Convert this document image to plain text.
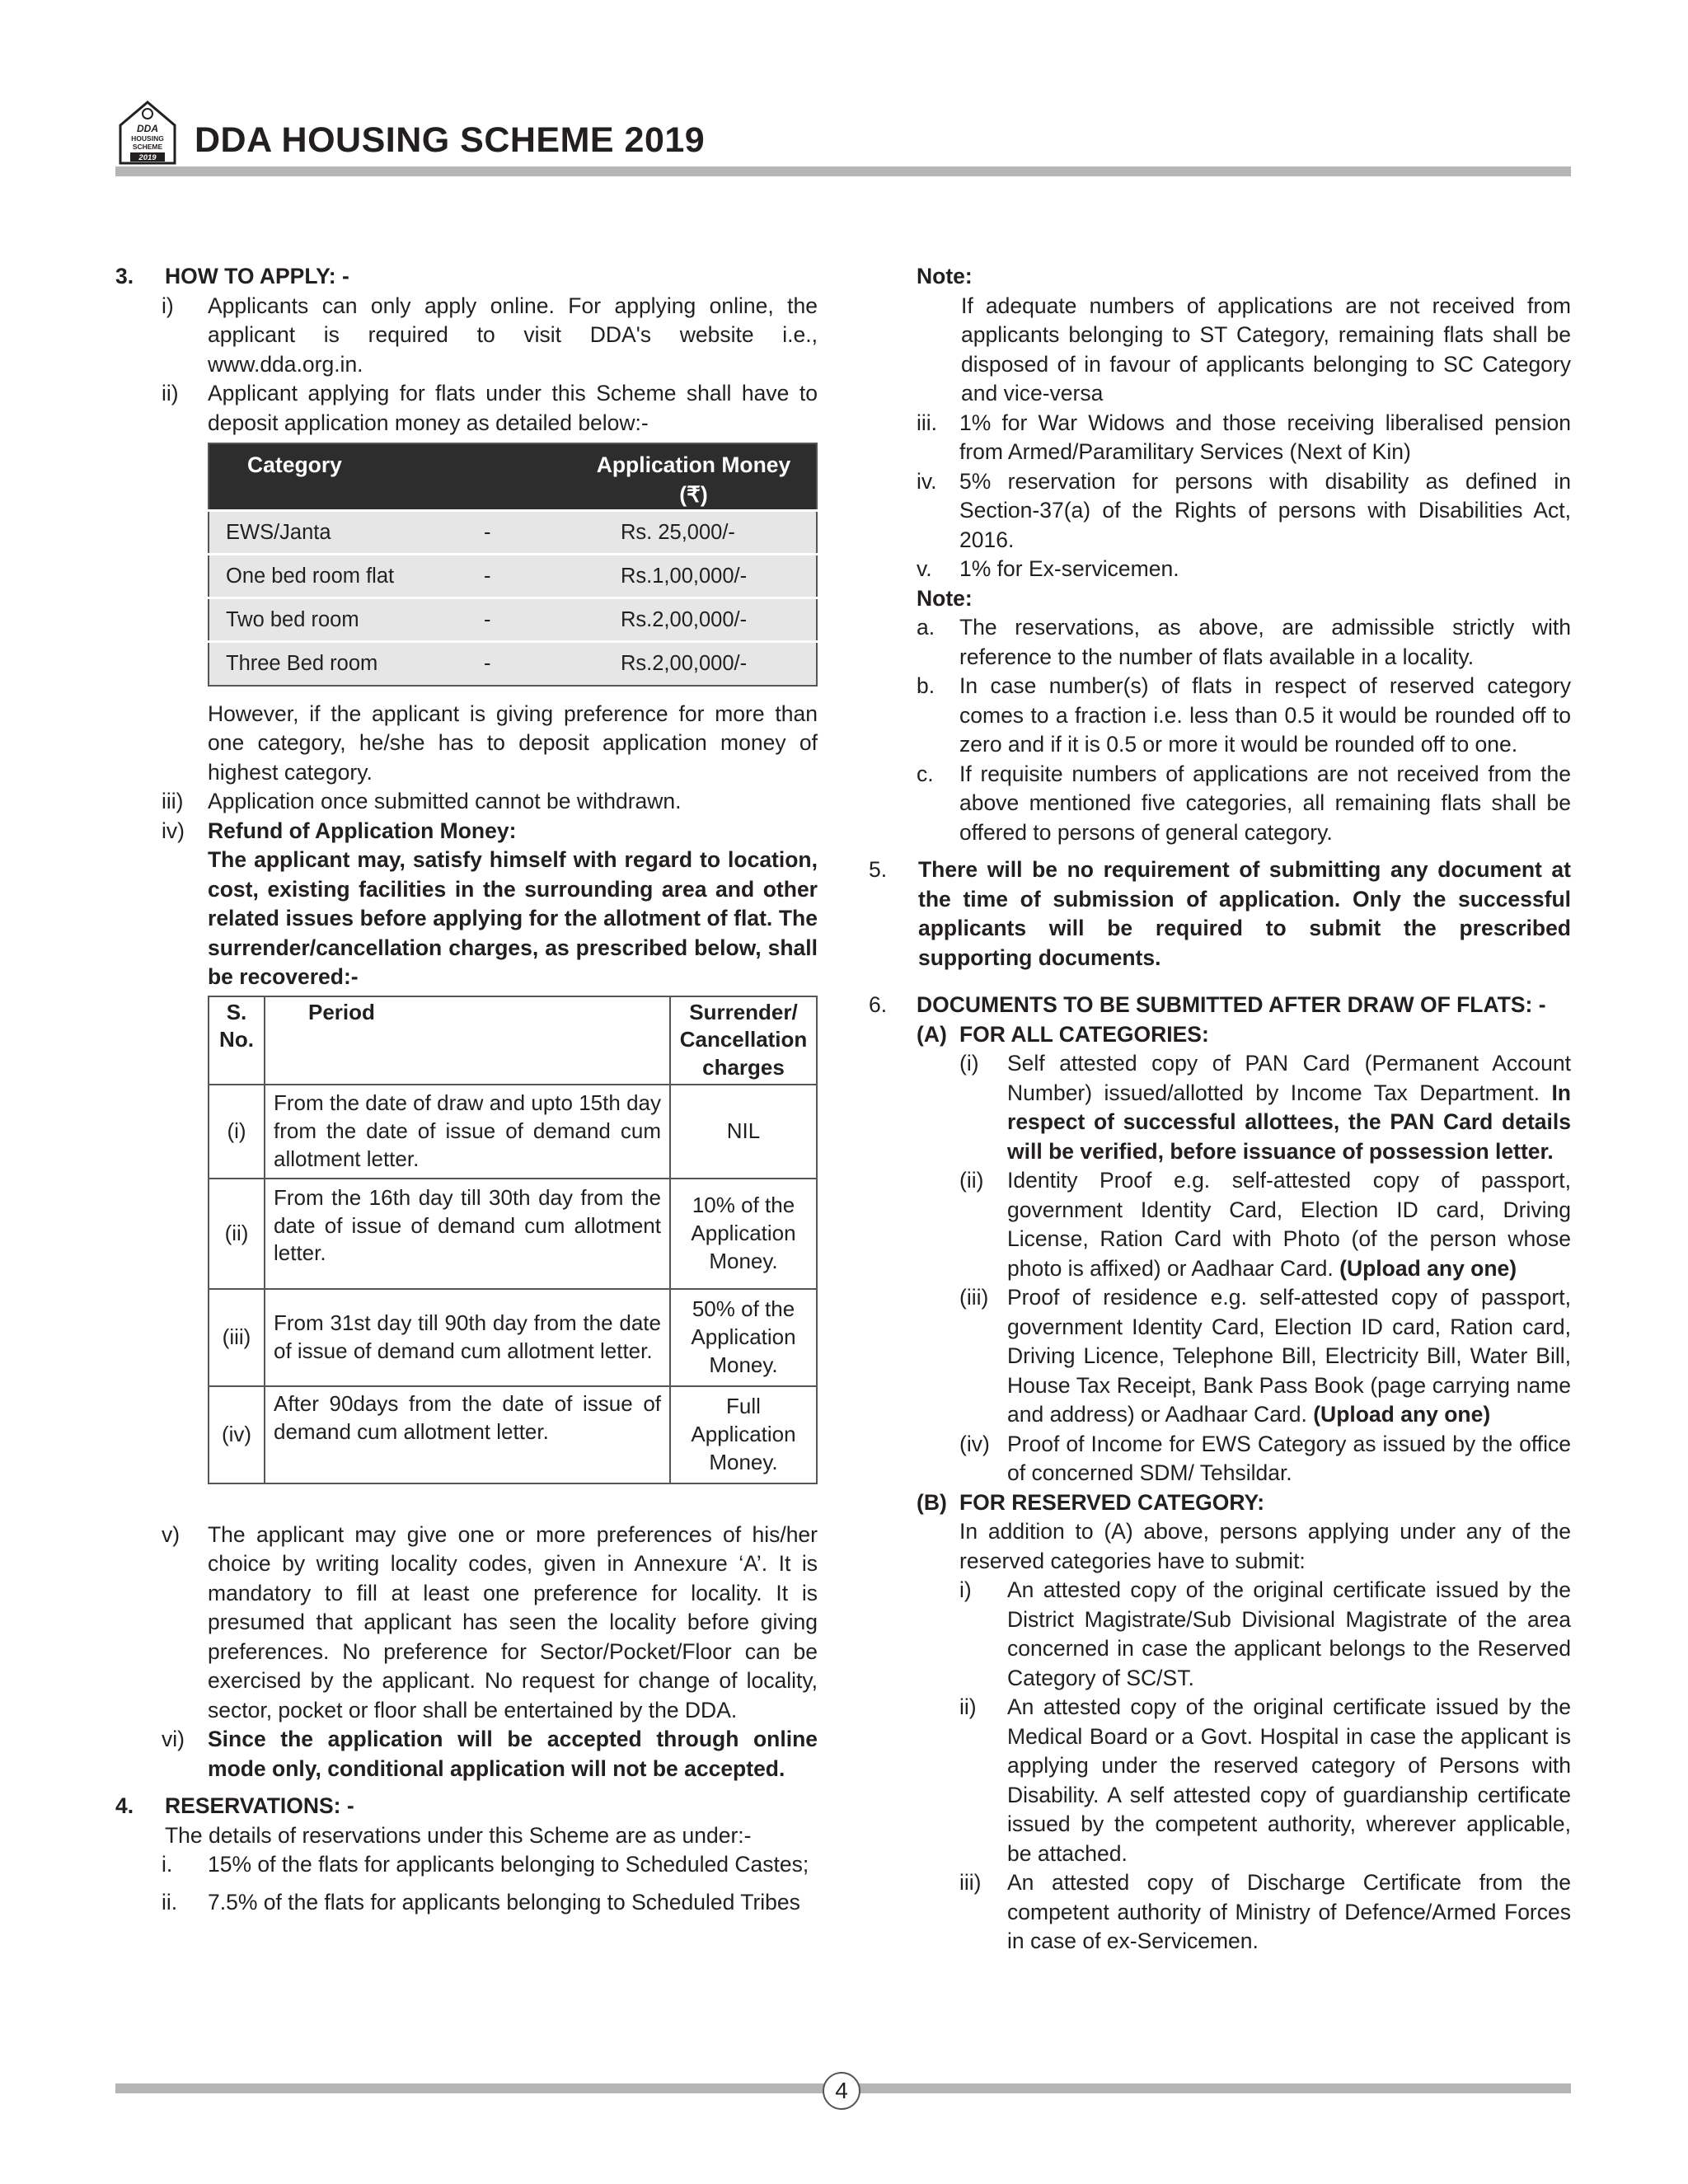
DDA
HOUSING
SCHEME
2019 DDA HOUSING SCHEME 2019
3. HOW TO APPLY: -
i) Applicants can only apply online. For applying online, the applicant is required to visit DDA's website i.e., www.dda.org.in.
ii) Applicant applying for flats under this Scheme shall have to deposit application money as detailed below:-
Category		Application Money
(₹)

EWS/Janta	-	Rs. 25,000/-
One bed room flat	-	Rs.1,00,000/-
Two bed room	-	Rs.2,00,000/-
Three Bed room	-	Rs.2,00,000/-
However, if the applicant is giving preference for more than one category, he/she has to deposit application money of highest category.
iii) Application once submitted cannot be withdrawn.
iv) Refund of Application Money:
The applicant may, satisfy himself with regard to location, cost, existing facilities in the surrounding area and other related issues before applying for the allotment of flat. The surrender/cancellation charges, as prescribed below, shall be recovered:-
S. No.	Period	Surrender/ Cancellation charges
(i)	From the date of draw and upto 15th day from the date of issue of demand cum allotment letter.	NIL
(ii)	From the 16th day till 30th day from the date of issue of demand cum allotment letter.	10% of the Application Money.
(iii)	From 31st day till 90th day from the date of issue of demand cum allotment letter.	50% of the Application Money.
(iv)	After 90days from the date of issue of demand cum allotment letter.	Full Application Money.
v) The applicant may give one or more preferences of his/her choice by writing locality codes, given in Annexure ‘A’. It is mandatory to fill at least one preference for locality. It is presumed that applicant has seen the locality before giving preferences. No preference for Sector/Pocket/Floor can be exercised by the applicant. No request for change of locality, sector, pocket or floor shall be entertained by the DDA.
vi) Since the application will be accepted through online mode only, conditional application will not be accepted.
4. RESERVATIONS: -
The details of reservations under this Scheme are as under:-
i. 15% of the flats for applicants belonging to Scheduled Castes;
ii. 7.5% of the flats for applicants belonging to Scheduled Tribes
Note:
If adequate numbers of applications are not received from applicants belonging to ST Category, remaining flats shall be disposed of in favour of applicants belonging to SC Category and vice-versa
iii. 1% for War Widows and those receiving liberalised pension from Armed/Paramilitary Services (Next of Kin)
iv. 5% reservation for persons with disability as defined in Section-37(a) of the Rights of persons with Disabilities Act, 2016.
v. 1% for Ex-servicemen.
Note:
a. The reservations, as above, are admissible strictly with reference to the number of flats available in a locality.
b. In case number(s) of flats in respect of reserved category comes to a fraction i.e. less than 0.5 it would be rounded off to zero and if it is 0.5 or more it would be rounded off to one.
c. If requisite numbers of applications are not received from the above mentioned five categories, all remaining flats shall be offered to persons of general category.
5. There will be no requirement of submitting any document at the time of submission of application. Only the successful applicants will be required to submit the prescribed supporting documents.
6. DOCUMENTS TO BE SUBMITTED AFTER DRAW OF FLATS: -
(A) FOR ALL CATEGORIES:
(i) Self attested copy of PAN Card (Permanent Account Number) issued/allotted by Income Tax Department. In respect of successful allottees, the PAN Card details will be verified, before issuance of possession letter.
(ii) Identity Proof e.g. self-attested copy of passport, government Identity Card, Election ID card, Driving License, Ration Card with Photo (of the person whose photo is affixed) or Aadhaar Card. (Upload any one)
(iii) Proof of residence e.g. self-attested copy of passport, government Identity Card, Election ID card, Ration card, Driving Licence, Telephone Bill, Electricity Bill, Water Bill, House Tax Receipt, Bank Pass Book (page carrying name and address) or Aadhaar Card. (Upload any one)
(iv) Proof of Income for EWS Category as issued by the office of concerned SDM/ Tehsildar.
(B) FOR RESERVED CATEGORY:
In addition to (A) above, persons applying under any of the reserved categories have to submit:
i) An attested copy of the original certificate issued by the District Magistrate/Sub Divisional Magistrate of the area concerned in case the applicant belongs to the Reserved Category of SC/ST.
ii) An attested copy of the original certificate issued by the Medical Board or a Govt. Hospital in case the applicant is applying under the reserved category of Persons with Disability. A self attested copy of guardianship certificate issued by the competent authority, wherever applicable, be attached.
iii) An attested copy of Discharge Certificate from the competent authority of Ministry of Defence/Armed Forces in case of ex-Servicemen.
4
